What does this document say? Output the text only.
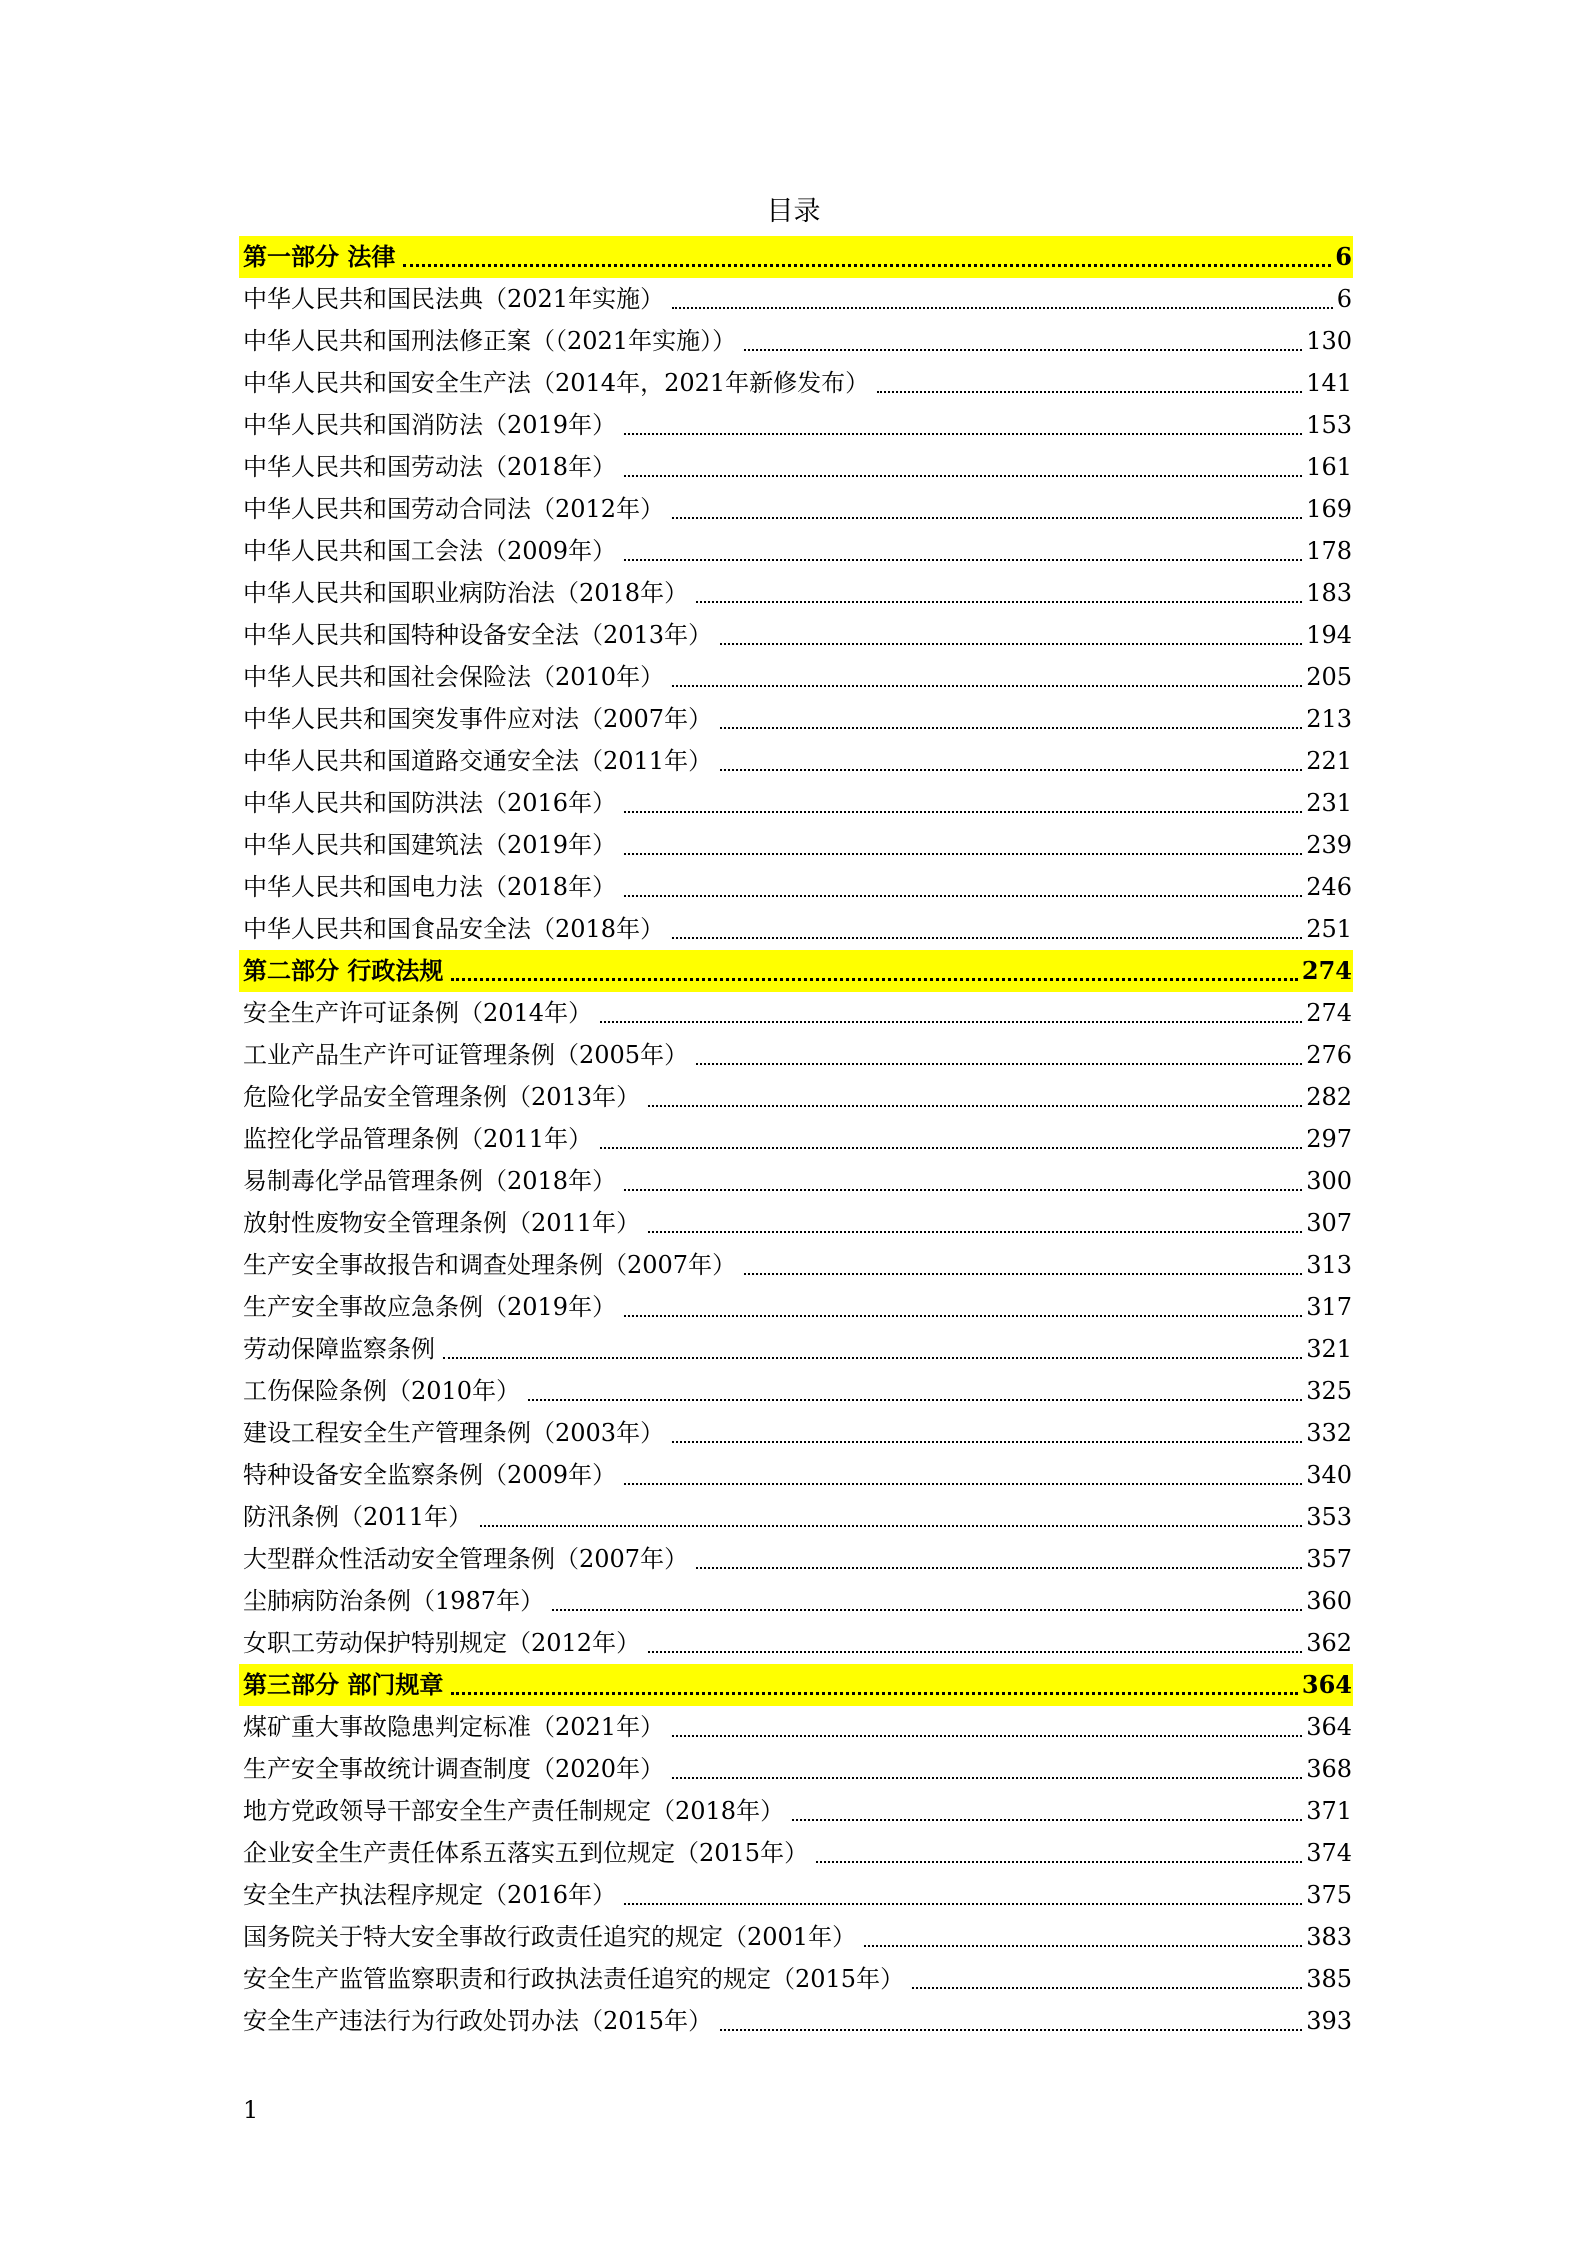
目录
第一部分 法律	6
中华人民共和国民法典（2021年实施）	6
中华人民共和国刑法修正案（（2021年实施））	130
中华人民共和国安全生产法（2014年，2021年新修发布）	141
中华人民共和国消防法（2019年）	153
中华人民共和国劳动法（2018年）	161
中华人民共和国劳动合同法（2012年）	169
中华人民共和国工会法（2009年）	178
中华人民共和国职业病防治法（2018年）	183
中华人民共和国特种设备安全法（2013年）	194
中华人民共和国社会保险法（2010年）	205
中华人民共和国突发事件应对法（2007年）	213
中华人民共和国道路交通安全法（2011年）	221
中华人民共和国防洪法（2016年）	231
中华人民共和国建筑法（2019年）	239
中华人民共和国电力法（2018年）	246
中华人民共和国食品安全法（2018年）	251
第二部分 行政法规	274
安全生产许可证条例（2014年）	274
工业产品生产许可证管理条例（2005年）	276
危险化学品安全管理条例（2013年）	282
监控化学品管理条例（2011年）	297
易制毒化学品管理条例（2018年）	300
放射性废物安全管理条例（2011年）	307
生产安全事故报告和调查处理条例（2007年）	313
生产安全事故应急条例（2019年）	317
劳动保障监察条例	321
工伤保险条例（2010年）	325
建设工程安全生产管理条例（2003年）	332
特种设备安全监察条例（2009年）	340
防汛条例（2011年）	353
大型群众性活动安全管理条例（2007年）	357
尘肺病防治条例（1987年）	360
女职工劳动保护特别规定（2012年）	362
第三部分 部门规章	364
煤矿重大事故隐患判定标准（2021年）	364
生产安全事故统计调查制度（2020年）	368
地方党政领导干部安全生产责任制规定（2018年）	371
企业安全生产责任体系五落实五到位规定（2015年）	374
安全生产执法程序规定（2016年）	375
国务院关于特大安全事故行政责任追究的规定（2001年）	383
安全生产监管监察职责和行政执法责任追究的规定（2015年）	385
安全生产违法行为行政处罚办法（2015年）	393
1
